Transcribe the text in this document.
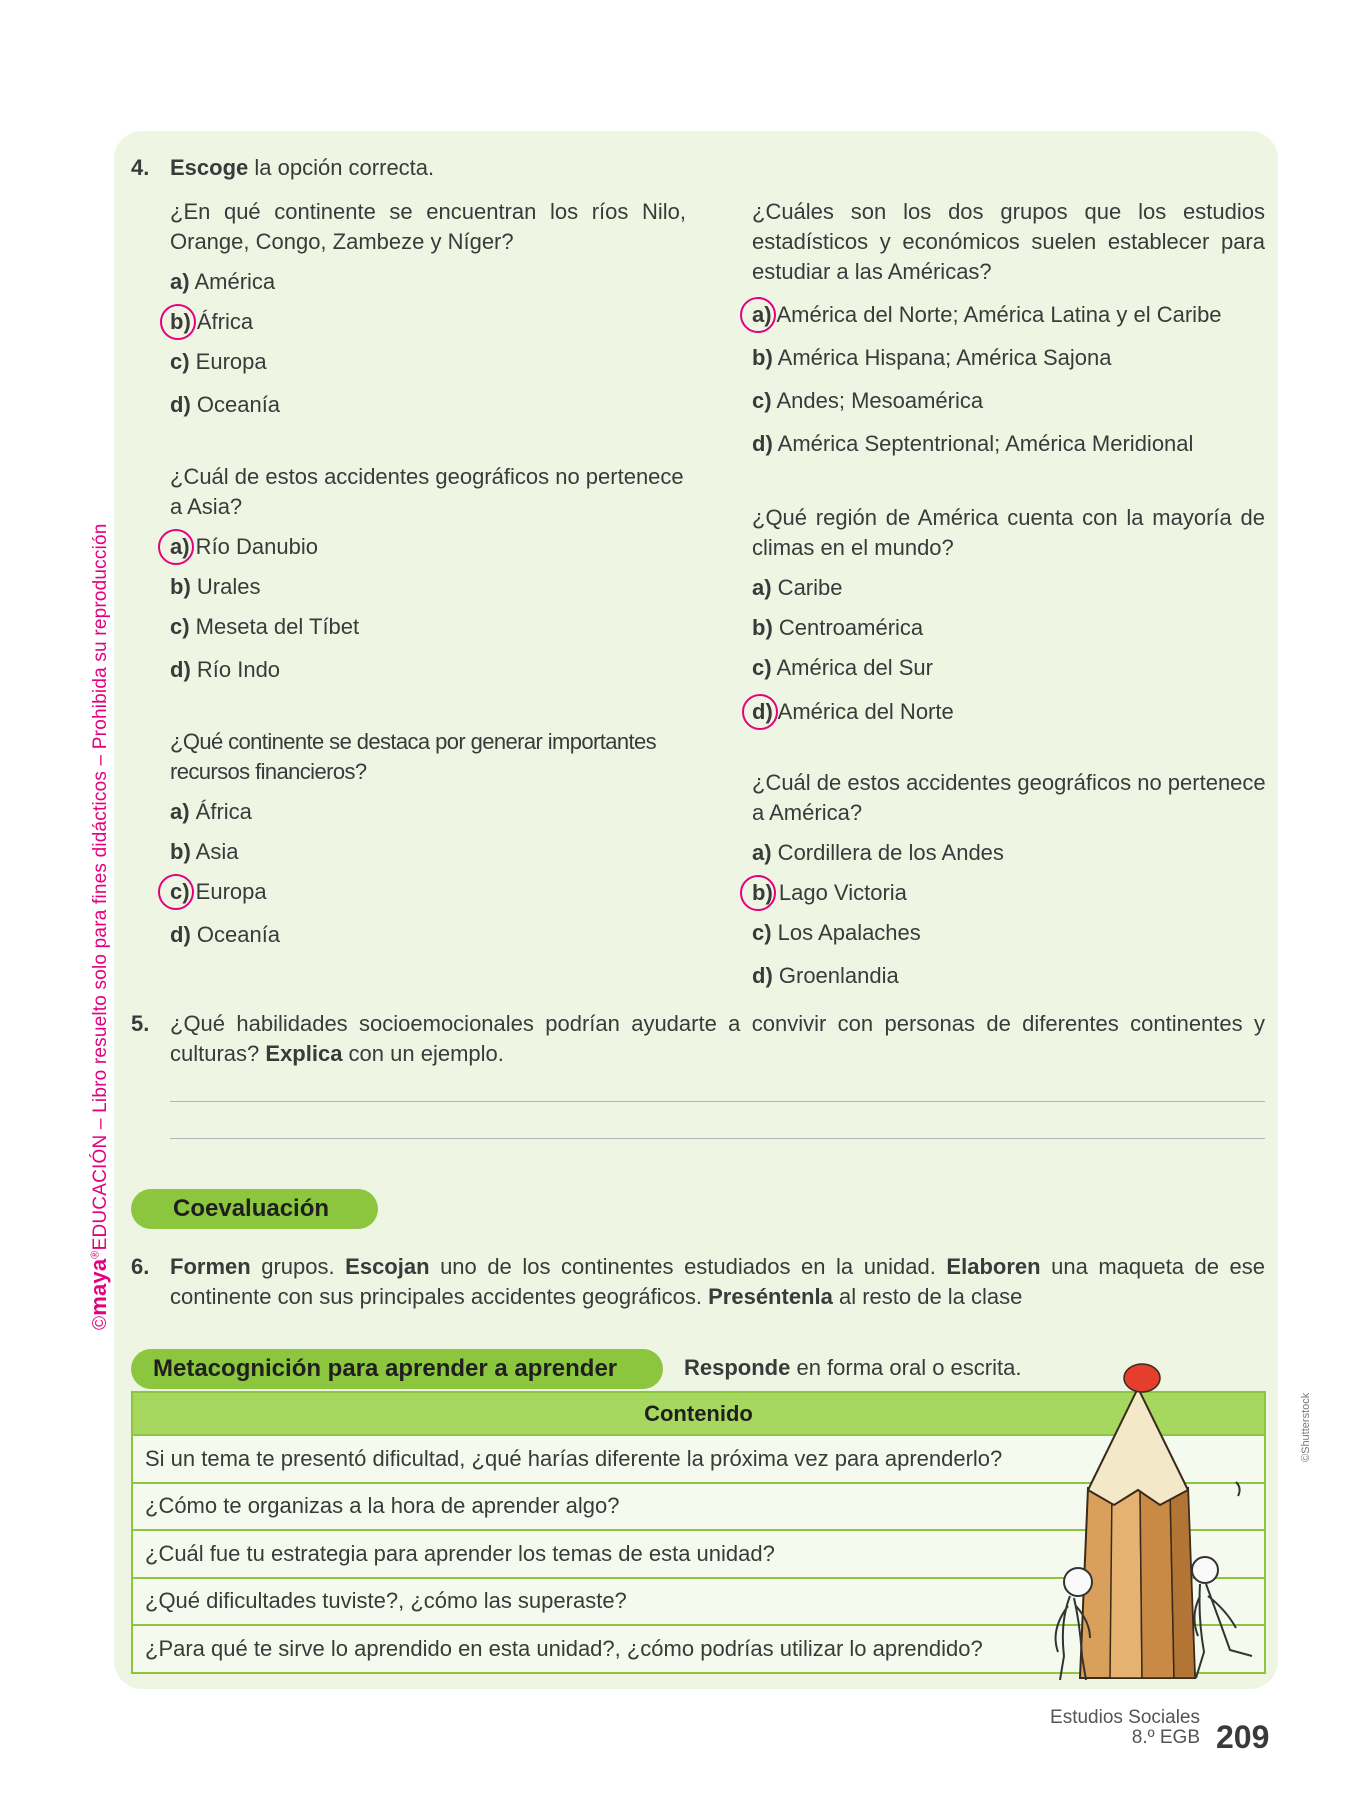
©maya®EDUCACIÓN – Libro resuelto solo para fines didácticos – Prohibida su reproducción
4. Escoge la opción correcta.
¿En qué continente se encuentran los ríos Nilo, Orange, Congo, Zambeze y Níger?
a) América
b) África
c) Europa
d) Oceanía
¿Cuál de estos accidentes geográficos no pertenece a Asia?
a) Río Danubio
b) Urales
c) Meseta del Tíbet
d) Río Indo
¿Qué continente se destaca por generar importantes recursos financieros?
a) África
b) Asia
c) Europa
d) Oceanía
¿Cuáles son los dos grupos que los estudios estadísticos y económicos suelen establecer para estudiar a las Américas?
a) América del Norte; América Latina y el Caribe
b) América Hispana; América Sajona
c) Andes; Mesoamérica
d) América Septentrional; América Meridional
¿Qué región de América cuenta con la mayoría de climas en el mundo?
a) Caribe
b) Centroamérica
c) América del Sur
d) América del Norte
¿Cuál de estos accidentes geográficos no pertenece a América?
a) Cordillera de los Andes
b) Lago Victoria
c) Los Apalaches
d) Groenlandia
5. ¿Qué habilidades socioemocionales podrían ayudarte a convivir con personas de diferentes continentes y culturas? Explica con un ejemplo.
Coevaluación
6. Formen grupos. Escojan uno de los continentes estudiados en la unidad. Elaboren una maqueta de ese continente con sus principales accidentes geográficos. Preséntenla al resto de la clase
Metacognición para aprender a aprender	Responde en forma oral o escrita.
Contenido
Si un tema te presentó dificultad, ¿qué harías diferente la próxima vez para aprenderlo?
¿Cómo te organizas a la hora de aprender algo?
¿Cuál fue tu estrategia para aprender los temas de esta unidad?
¿Qué dificultades tuviste?, ¿cómo las superaste?
¿Para qué te sirve lo aprendido en esta unidad?, ¿cómo podrías utilizar lo aprendido?
©Shutterstock
Estudios Sociales
8.º EGB 209
